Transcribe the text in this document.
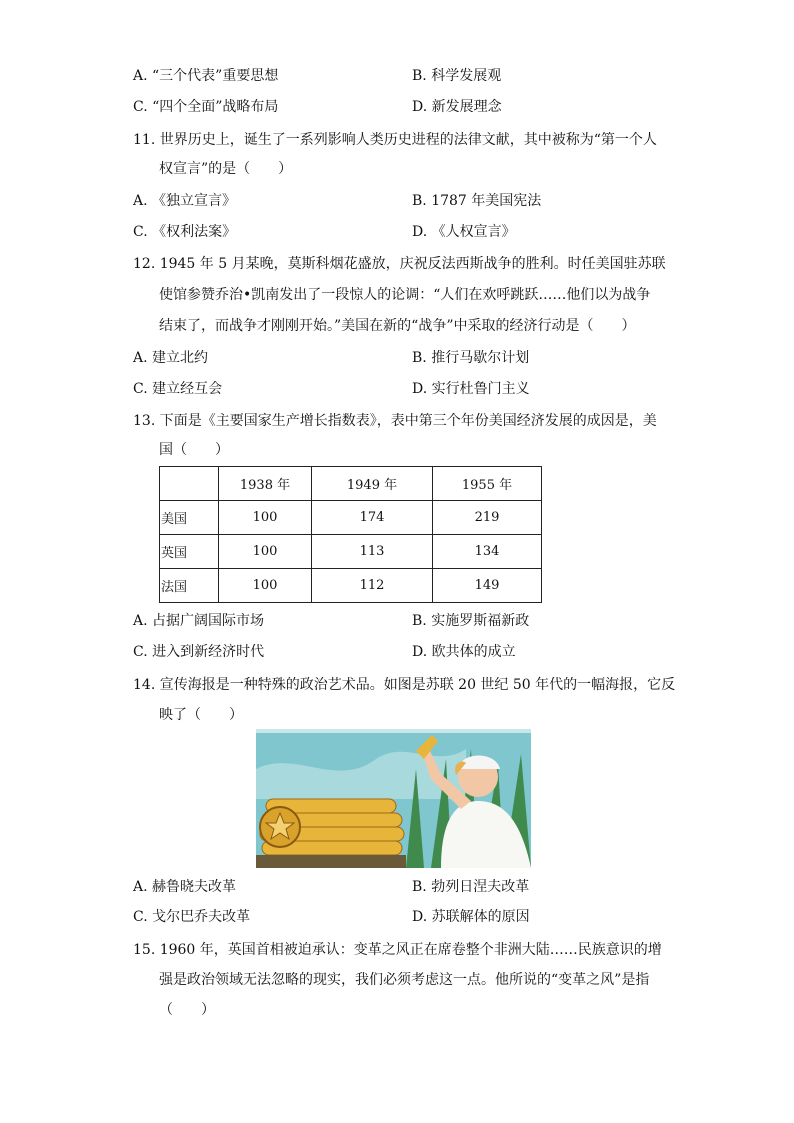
A. “三个代表”重要思想	B. 科学发展观
C. “四个全面”战略布局	D. 新发展理念
11. 世界历史上，诞生了一系列影响人类历史进程的法律文献，其中被称为“第一个人
权宣言”的是（　　）
A. 《独立宣言》	B. 1787 年美国宪法
C. 《权利法案》	D. 《人权宣言》
12. 1945 年 5 月某晚，莫斯科烟花盛放，庆祝反法西斯战争的胜利。时任美国驻苏联
使馆参赞乔治•凯南发出了一段惊人的论调：“人们在欢呼跳跃……他们以为战争
结束了，而战争才刚刚开始。”美国在新的“战争”中采取的经济行动是（　　）
A. 建立北约	B. 推行马歇尔计划
C. 建立经互会	D. 实行杜鲁门主义
13. 下面是《主要国家生产增长指数表》，表中第三个年份美国经济发展的成因是，美
国（　　）
	1938 年	1949 年	1955 年
美国	100	174	219
英国	100	113	134
法国	100	112	149
A. 占据广阔国际市场	B. 实施罗斯福新政
C. 进入到新经济时代	D. 欧共体的成立
14. 宣传海报是一种特殊的政治艺术品。如图是苏联 20 世纪 50 年代的一幅海报，它反
映了（　　）
A. 赫鲁晓夫改革	B. 勃列日涅夫改革
C. 戈尔巴乔夫改革	D. 苏联解体的原因
15. 1960 年，英国首相被迫承认：变革之风正在席卷整个非洲大陆……民族意识的增
强是政治领域无法忽略的现实，我们必须考虑这一点。他所说的“变革之风”是指
（　　）
